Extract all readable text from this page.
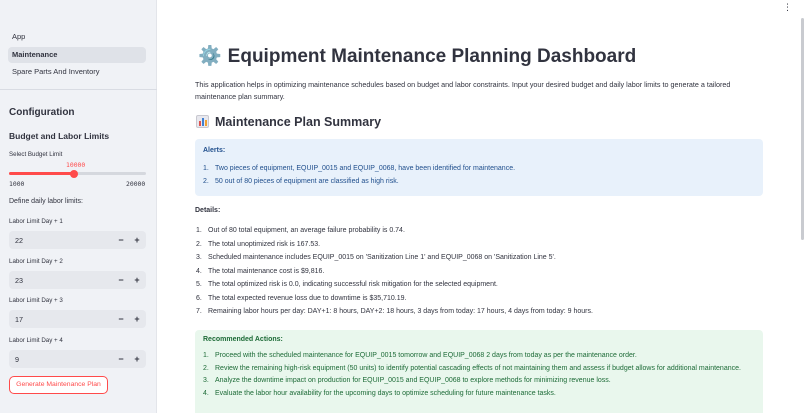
App
Maintenance
Spare Parts And Inventory
Configuration
Budget and Labor Limits
Select Budget Limit
10000
1000	20000
Define daily labor limits:
Labor Limit Day + 1
22	−	+
Labor Limit Day + 2
23	−	+
Labor Limit Day + 3
17	−	+
Labor Limit Day + 4
9	−	+
Generate Maintenance Plan
⋮
⚙️ Equipment Maintenance Planning Dashboard
This application helps in optimizing maintenance schedules based on budget and labor constraints. Input your desired budget and daily labor limits to generate a tailored maintenance plan summary.
Maintenance Plan Summary
Alerts:
1. Two pieces of equipment, EQUIP_0015 and EQUIP_0068, have been identified for maintenance.
2. 50 out of 80 pieces of equipment are classified as high risk.
Details:
1. Out of 80 total equipment, an average failure probability is 0.74.
2. The total unoptimized risk is 167.53.
3. Scheduled maintenance includes EQUIP_0015 on 'Sanitization Line 1' and EQUIP_0068 on 'Sanitization Line 5'.
4. The total maintenance cost is $9,816.
5. The total optimized risk is 0.0, indicating successful risk mitigation for the selected equipment.
6. The total expected revenue loss due to downtime is $35,710.19.
7. Remaining labor hours per day: DAY+1: 8 hours, DAY+2: 18 hours, 3 days from today: 17 hours, 4 days from today: 9 hours.
Recommended Actions:
1. Proceed with the scheduled maintenance for EQUIP_0015 tomorrow and EQUIP_0068 2 days from today as per the maintenance order.
2. Review the remaining high-risk equipment (50 units) to identify potential cascading effects of not maintaining them and assess if budget allows for additional maintenance.
3. Analyze the downtime impact on production for EQUIP_0015 and EQUIP_0068 to explore methods for minimizing revenue loss.
4. Evaluate the labor hour availability for the upcoming days to optimize scheduling for future maintenance tasks.
